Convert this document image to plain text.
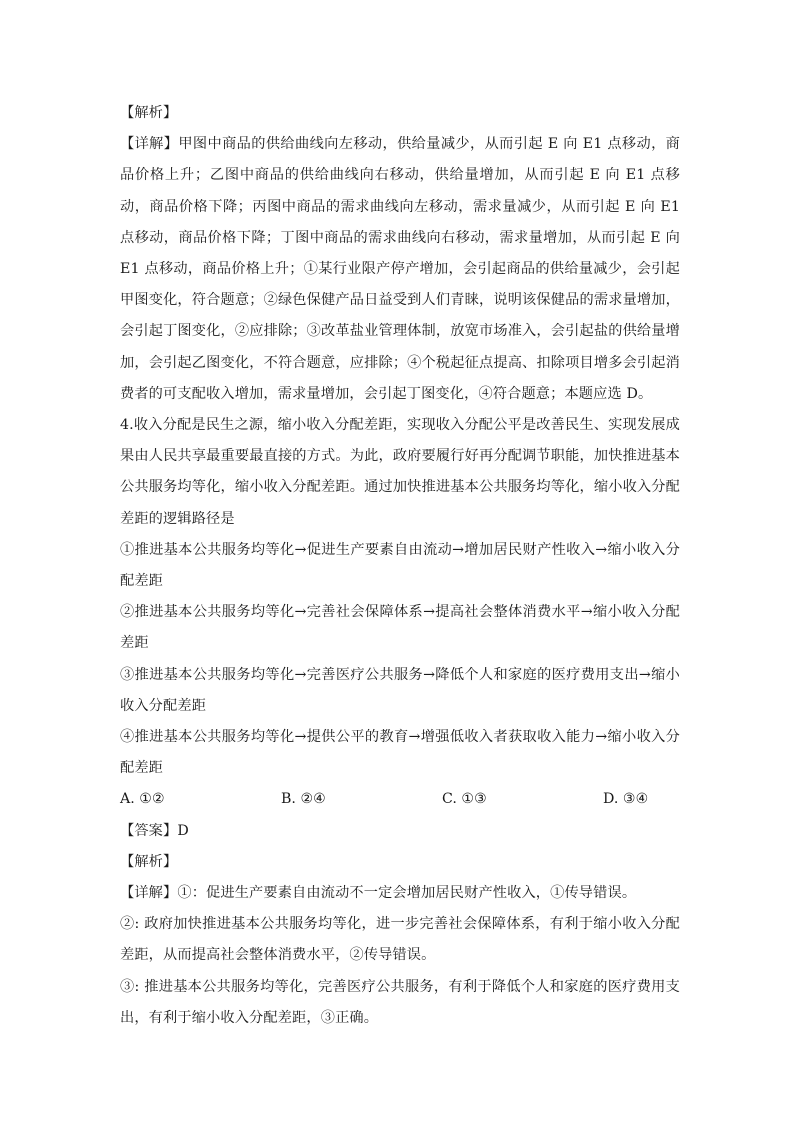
【解析】

【详解】甲图中商品的供给曲线向左移动，供给量减少，从而引起 E 向 E1 点移动，商品价格上升；乙图中商品的供给曲线向右移动，供给量增加，从而引起 E 向 E1 点移动，商品价格下降；丙图中商品的需求曲线向左移动，需求量减少，从而引起 E 向 E1 点移动，商品价格下降；丁图中商品的需求曲线向右移动，需求量增加，从而引起 E 向 E1 点移动，商品价格上升；①某行业限产停产增加，会引起商品的供给量减少，会引起甲图变化，符合题意；②绿色保健产品日益受到人们青睐，说明该保健品的需求量增加，会引起丁图变化，②应排除；③改革盐业管理体制，放宽市场准入，会引起盐的供给量增加，会引起乙图变化，不符合题意，应排除；④个税起征点提高、扣除项目增多会引起消费者的可支配收入增加，需求量增加，会引起丁图变化，④符合题意；本题应选 D。

4.收入分配是民生之源，缩小收入分配差距，实现收入分配公平是改善民生、实现发展成果由人民共享最重要最直接的方式。为此，政府要履行好再分配调节职能，加快推进基本公共服务均等化，缩小收入分配差距。通过加快推进基本公共服务均等化，缩小收入分配差距的逻辑路径是

①推进基本公共服务均等化→促进生产要素自由流动→增加居民财产性收入→缩小收入分配差距

②推进基本公共服务均等化→完善社会保障体系→提高社会整体消费水平→缩小收入分配差距

③推进基本公共服务均等化→完善医疗公共服务→降低个人和家庭的医疗费用支出→缩小收入分配差距

④推进基本公共服务均等化→提供公平的教育→增强低收入者获取收入能力→缩小收入分配差距

A. ①②	B. ②④	C. ①③	D. ③④

【答案】D

【解析】

【详解】①：促进生产要素自由流动不一定会增加居民财产性收入，①传导错误。

②: 政府加快推进基本公共服务均等化，进一步完善社会保障体系，有利于缩小收入分配差距，从而提高社会整体消费水平，②传导错误。

③: 推进基本公共服务均等化，完善医疗公共服务，有利于降低个人和家庭的医疗费用支出，有利于缩小收入分配差距，③正确。
